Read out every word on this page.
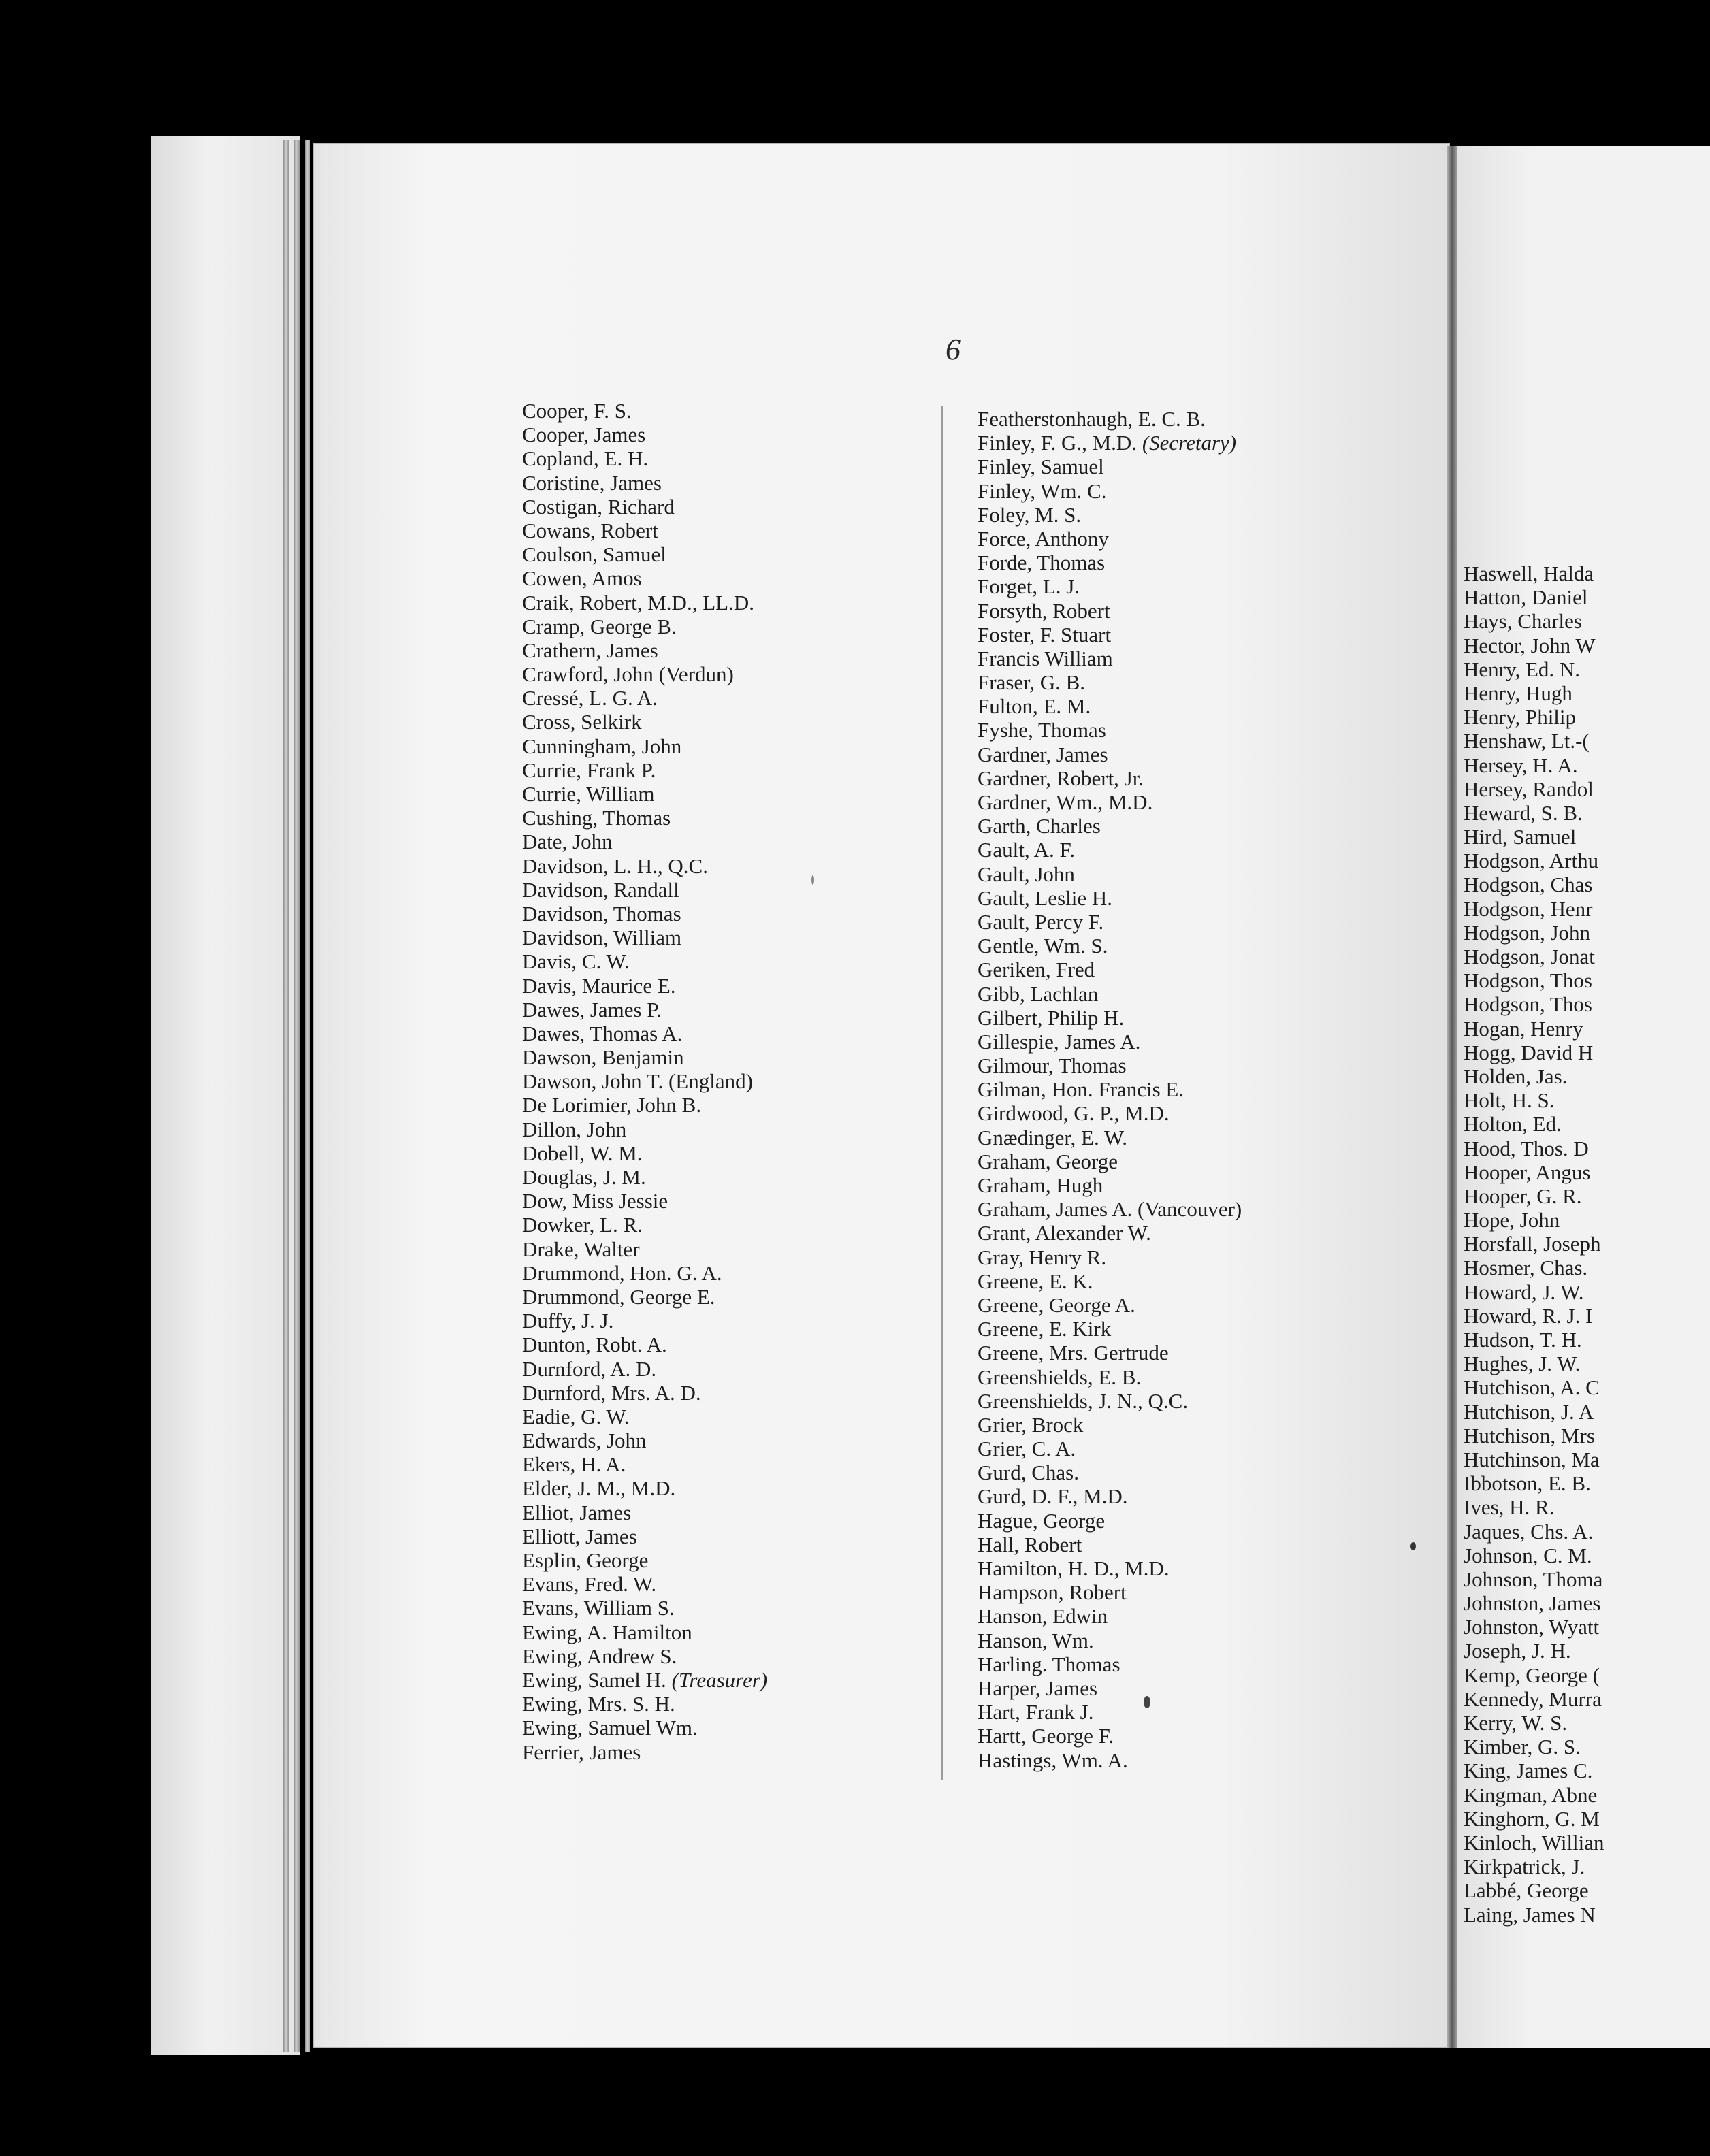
6
Cooper, F. S.
Cooper, James
Copland, E. H.
Coristine, James
Costigan, Richard
Cowans, Robert
Coulson, Samuel
Cowen, Amos
Craik, Robert, M.D., LL.D.
Cramp, George B.
Crathern, James
Crawford, John (Verdun)
Cressé, L. G. A.
Cross, Selkirk
Cunningham, John
Currie, Frank P.
Currie, William
Cushing, Thomas
Date, John
Davidson, L. H., Q.C.
Davidson, Randall
Davidson, Thomas
Davidson, William
Davis, C. W.
Davis, Maurice E.
Dawes, James P.
Dawes, Thomas A.
Dawson, Benjamin
Dawson, John T. (England)
De Lorimier, John B.
Dillon, John
Dobell, W. M.
Douglas, J. M.
Dow, Miss Jessie
Dowker, L. R.
Drake, Walter
Drummond, Hon. G. A.
Drummond, George E.
Duffy, J. J.
Dunton, Robt. A.
Durnford, A. D.
Durnford, Mrs. A. D.
Eadie, G. W.
Edwards, John
Ekers, H. A.
Elder, J. M., M.D.
Elliot, James
Elliott, James
Esplin, George
Evans, Fred. W.
Evans, William S.
Ewing, A. Hamilton
Ewing, Andrew S.
Ewing, Samel H. (Treasurer)
Ewing, Mrs. S. H.
Ewing, Samuel Wm.
Ferrier, James
Featherstonhaugh, E. C. B.
Finley, F. G., M.D. (Secretary)
Finley, Samuel
Finley, Wm. C.
Foley, M. S.
Force, Anthony
Forde, Thomas
Forget, L. J.
Forsyth, Robert
Foster, F. Stuart
Francis William
Fraser, G. B.
Fulton, E. M.
Fyshe, Thomas
Gardner, James
Gardner, Robert, Jr.
Gardner, Wm., M.D.
Garth, Charles
Gault, A. F.
Gault, John
Gault, Leslie H.
Gault, Percy F.
Gentle, Wm. S.
Geriken, Fred
Gibb, Lachlan
Gilbert, Philip H.
Gillespie, James A.
Gilmour, Thomas
Gilman, Hon. Francis E.
Girdwood, G. P., M.D.
Gnædinger, E. W.
Graham, George
Graham, Hugh
Graham, James A. (Vancouver)
Grant, Alexander W.
Gray, Henry R.
Greene, E. K.
Greene, George A.
Greene, E. Kirk
Greene, Mrs. Gertrude
Greenshields, E. B.
Greenshields, J. N., Q.C.
Grier, Brock
Grier, C. A.
Gurd, Chas.
Gurd, D. F., M.D.
Hague, George
Hall, Robert
Hamilton, H. D., M.D.
Hampson, Robert
Hanson, Edwin
Hanson, Wm.
Harling. Thomas
Harper, James
Hart, Frank J.
Hartt, George F.
Hastings, Wm. A.
Haswell, Halda
Hatton, Daniel
Hays, Charles
Hector, John W
Henry, Ed. N.
Henry, Hugh
Henry, Philip
Henshaw, Lt.-(
Hersey, H. A.
Hersey, Randol
Heward, S. B.
Hird, Samuel
Hodgson, Arthu
Hodgson, Chas
Hodgson, Henr
Hodgson, John
Hodgson, Jonat
Hodgson, Thos
Hodgson, Thos
Hogan, Henry
Hogg, David H
Holden, Jas.
Holt, H. S.
Holton, Ed.
Hood, Thos. D
Hooper, Angus
Hooper, G. R.
Hope, John
Horsfall, Joseph
Hosmer, Chas.
Howard, J. W.
Howard, R. J. I
Hudson, T. H.
Hughes, J. W.
Hutchison, A. C
Hutchison, J. A
Hutchison, Mrs
Hutchinson, Ma
Ibbotson, E. B.
Ives, H. R.
Jaques, Chs. A.
Johnson, C. M.
Johnson, Thoma
Johnston, James
Johnston, Wyatt
Joseph, J. H.
Kemp, George (
Kennedy, Murra
Kerry, W. S.
Kimber, G. S.
King, James C.
Kingman, Abne
Kinghorn, G. M
Kinloch, Willian
Kirkpatrick, J.
Labbé, George
Laing, James N
